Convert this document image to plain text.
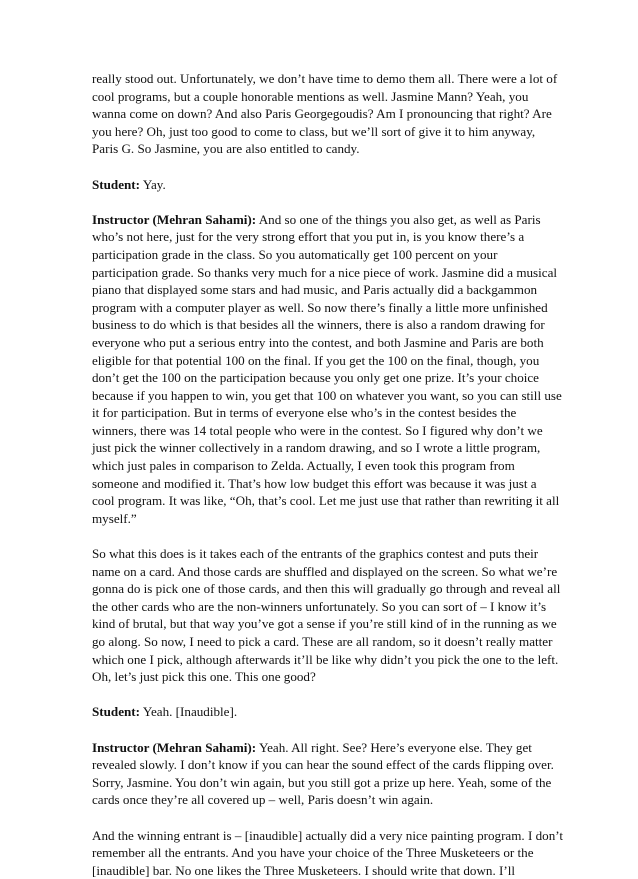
really stood out. Unfortunately, we don’t have time to demo them all. There were a lot of
cool programs, but a couple honorable mentions as well. Jasmine Mann? Yeah, you
wanna come on down? And also Paris Georgegoudis? Am I pronouncing that right? Are
you here? Oh, just too good to come to class, but we’ll sort of give it to him anyway,
Paris G. So Jasmine, you are also entitled to candy.

Student: Yay.

Instructor (Mehran Sahami): And so one of the things you also get, as well as Paris
who’s not here, just for the very strong effort that you put in, is you know there’s a
participation grade in the class. So you automatically get 100 percent on your
participation grade. So thanks very much for a nice piece of work. Jasmine did a musical
piano that displayed some stars and had music, and Paris actually did a backgammon
program with a computer player as well. So now there’s finally a little more unfinished
business to do which is that besides all the winners, there is also a random drawing for
everyone who put a serious entry into the contest, and both Jasmine and Paris are both
eligible for that potential 100 on the final. If you get the 100 on the final, though, you
don’t get the 100 on the participation because you only get one prize. It’s your choice
because if you happen to win, you get that 100 on whatever you want, so you can still use
it for participation. But in terms of everyone else who’s in the contest besides the
winners, there was 14 total people who were in the contest. So I figured why don’t we
just pick the winner collectively in a random drawing, and so I wrote a little program,
which just pales in comparison to Zelda. Actually, I even took this program from
someone and modified it. That’s how low budget this effort was because it was just a
cool program. It was like, “Oh, that’s cool. Let me just use that rather than rewriting it all
myself.”

So what this does is it takes each of the entrants of the graphics contest and puts their
name on a card. And those cards are shuffled and displayed on the screen. So what we’re
gonna do is pick one of those cards, and then this will gradually go through and reveal all
the other cards who are the non-winners unfortunately. So you can sort of – I know it’s
kind of brutal, but that way you’ve got a sense if you’re still kind of in the running as we
go along. So now, I need to pick a card. These are all random, so it doesn’t really matter
which one I pick, although afterwards it’ll be like why didn’t you pick the one to the left.
Oh, let’s just pick this one. This one good?

Student: Yeah. [Inaudible].

Instructor (Mehran Sahami): Yeah. All right. See? Here’s everyone else. They get
revealed slowly. I don’t know if you can hear the sound effect of the cards flipping over.
Sorry, Jasmine. You don’t win again, but you still got a prize up here. Yeah, some of the
cards once they’re all covered up – well, Paris doesn’t win again.

And the winning entrant is – [inaudible] actually did a very nice painting program. I don’t
remember all the entrants. And you have your choice of the Three Musketeers or the
[inaudible] bar. No one likes the Three Musketeers. I should write that down. I’ll
